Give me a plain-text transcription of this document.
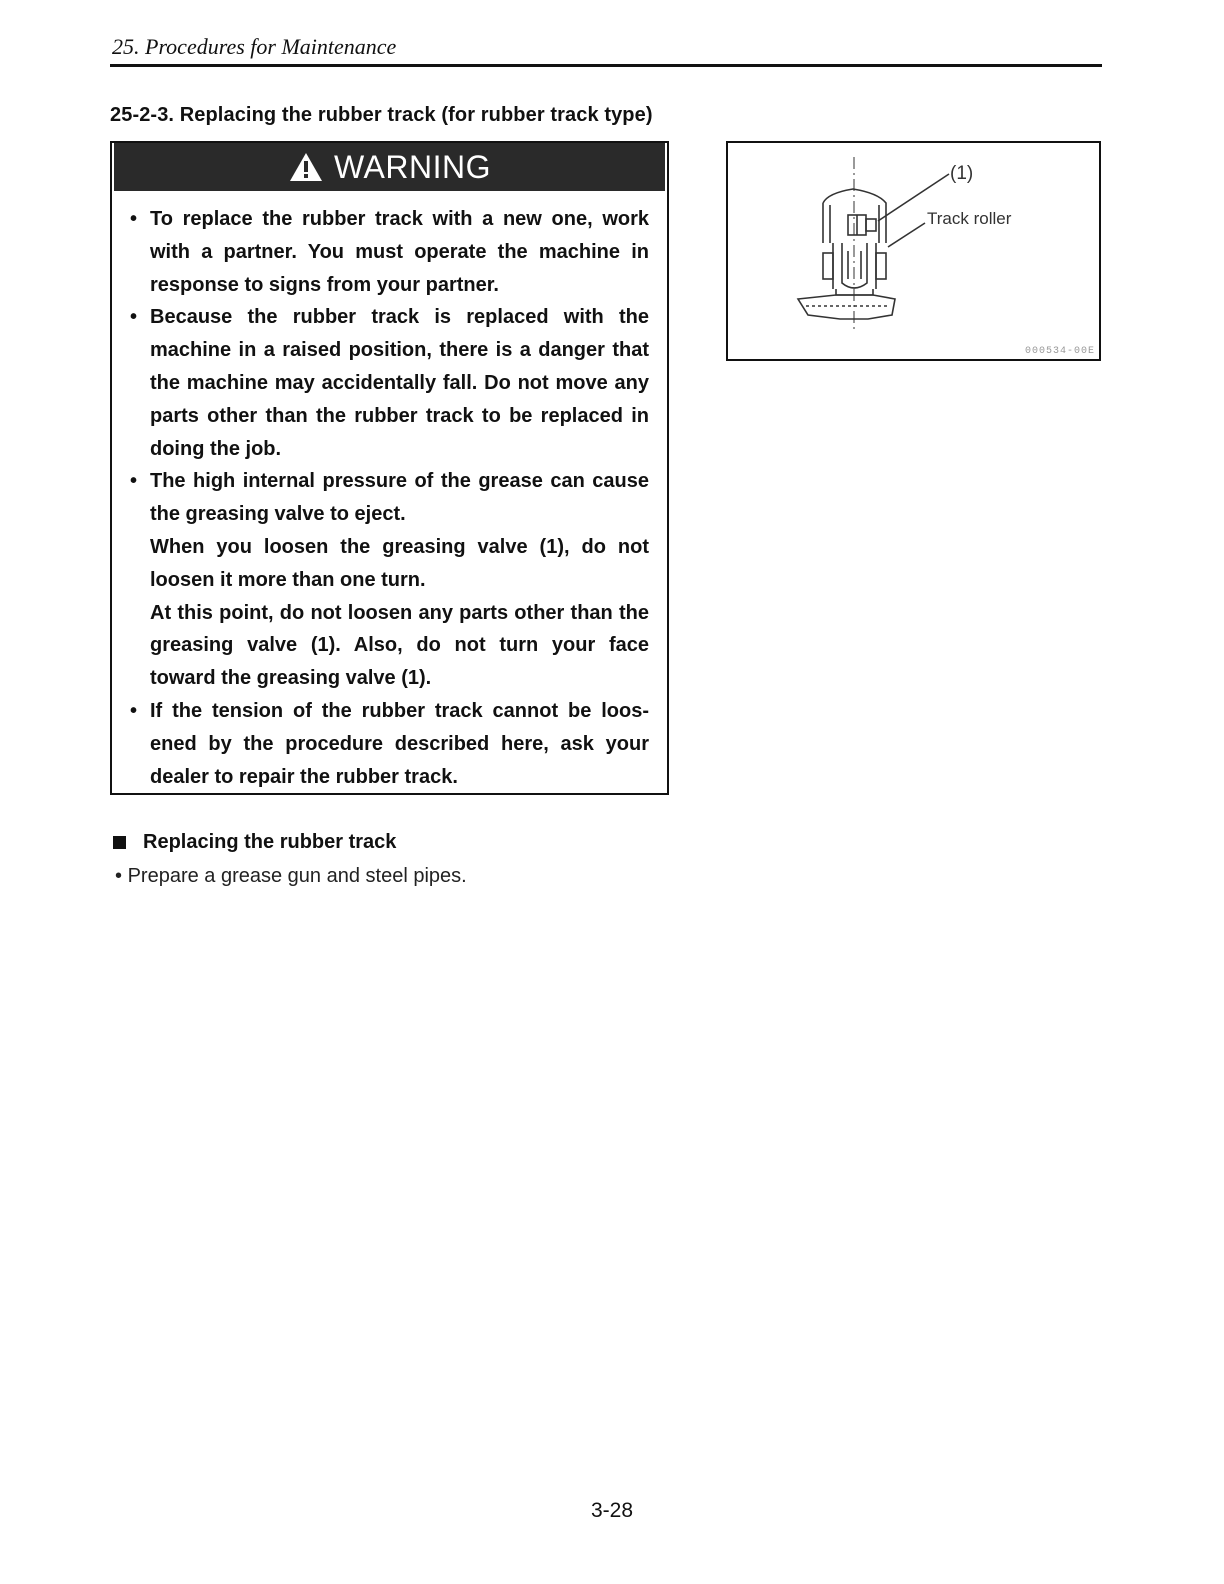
25. Procedures for Maintenance
25-2-3. Replacing the rubber track (for rubber track type)
WARNING
• To replace the rubber track with a new one, work with a partner. You must operate the machine in response to signs from your partner.

• Because the rubber track is replaced with the machine in a raised position, there is a danger that the machine may accidentally fall. Do not move any parts other than the rubber track to be replaced in doing the job.

• The high internal pressure of the grease can cause the greasing valve to eject.

When you loosen the greasing valve (1), do not loosen it more than one turn.

At this point, do not loosen any parts other than the greasing valve (1). Also, do not turn your face toward the greasing valve (1).

• If the tension of the rubber track cannot be loos-ened by the procedure described here, ask your dealer to repair the rubber track.

(1)
Track roller
000534-00E
Replacing the rubber track
• Prepare a grease gun and steel pipes.
3-28
